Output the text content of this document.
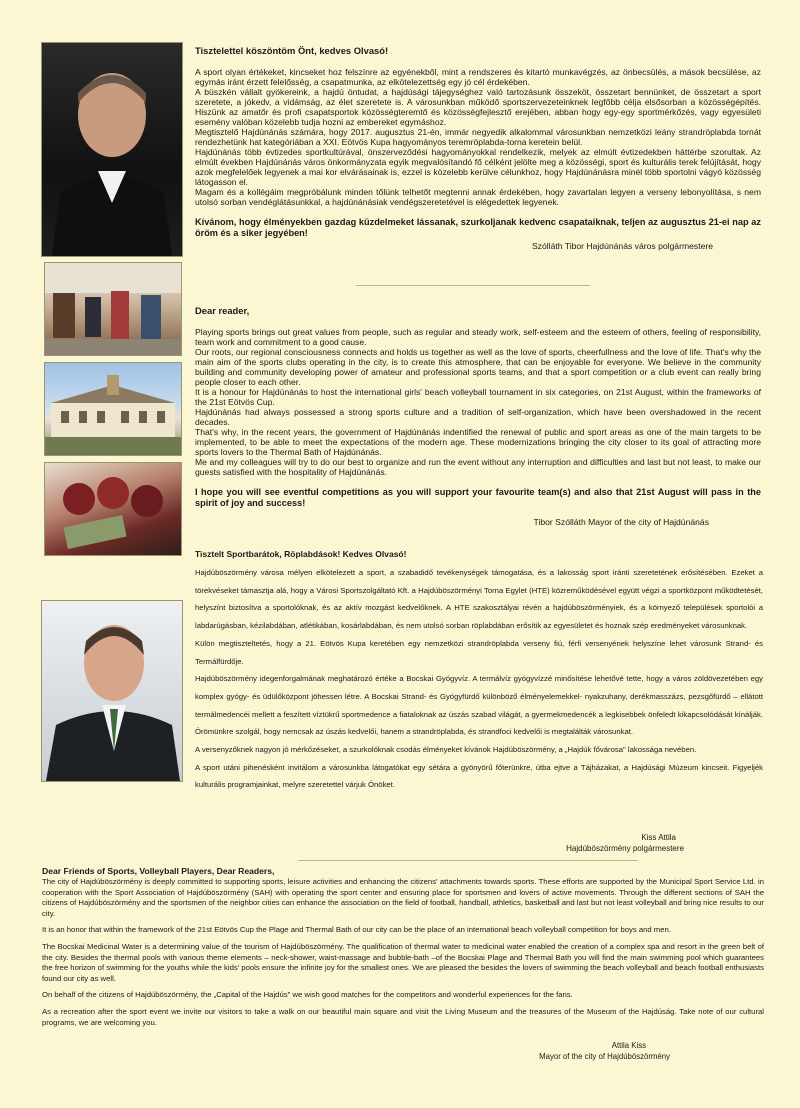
Tisztelettel köszöntöm Önt, kedves Olvasó!

A sport olyan értékeket, kincseket hoz felszínre az egyénekből, mint a rendszeres és kitartó munkavégzés, az önbecsülés, a mások becsülése, az egymás iránt érzett felelősség, a csapatmunka, az elkötelezettség egy jó cél érdekében.

A büszkén vállalt gyökereink, a hajdú öntudat, a hajdúsági tájegységhez való tartozásunk összeköt, összetart bennünket, de összetart a sport szeretete, a jókedv, a vidámság, az élet szeretete is. A városunkban működő sportszervezeteinknek legfőbb célja elsősorban a közösségépítés. Hiszünk az amatőr és profi csapatsportok közösségteremtő és közösségfejlesztő erejében, abban hogy egy-egy sportmérkőzés, vagy egyesületi esemény valóban közelebb tudja hozni az embereket egymáshoz.

Megtisztelő Hajdúnánás számára, hogy 2017. augusztus 21-én, immár negyedik alkalommal városunkban nemzetközi leány strandröplabda tornát rendezhetünk hat kategóriában a XXI. Eötvös Kupa hagyományos teremröplabda-torna keretein belül.

Hajdúnánás több évtizedes sportkultúrával, önszerveződési hagyományokkal rendelkezik, melyek az elmúlt évtizedekben háttérbe szorultak. Az elmúlt években Hajdúnánás város önkormányzata egyik megvalósítandó fő célként jelölte meg a közösségi, sport és kulturális terek felújítását, hogy azok megfelelőek legyenek a mai kor elvárásainak is, ezzel is közelebb kerülve célunkhoz, hogy Hajdúnánásra minél több sportolni vágyó közösség látogasson el.

Magam és a kollégáim megpróbálunk minden tőlünk telhetőt megtenni annak érdekében, hogy zavartalan legyen a verseny lebonyolítása, s nem utolsó sorban vendéglátásunkkal, a hajdúnánásiak vendégszeretetével is elégedettek legyenek.

Kívánom, hogy élményekben gazdag küzdelmeket lássanak, szurkoljanak kedvenc csapataiknak, teljen az augusztus 21-ei nap az öröm és a siker jegyében!

Szólláth Tibor Hajdúnánás város polgármestere

Dear reader,

Playing sports brings out great values from people, such as regular and steady work, self-esteem and the esteem of others, feeling of responsibility, team work and commitment to a good cause.

Our roots, our regional consciousness connects and holds us together as well as the love of sports, cheerfullness and the love of life. That's why the main aim of the sports clubs operating in the city, is to create this atmosphere, that can be enjoyable for everyone. We believe in the community building and community developing power of amateur and professional sports teams, and that a sport competition or a club event can really bring people closer to each other.

It is a honour for Hajdúnánás to host the international girls' beach volleyball tournament in six categories, on 21st August, within the frameworks of the 21st Eötvös Cup.

Hajdúnánás had always possessed a strong sports culture and a tradition of self-organization, which have been overshadowed in the recent decades.

That's why, in the recent years, the government of Hajdúnánás indentified the renewal of public and sport areas as one of the main targets to be implemented, to be able to meet the expectations of the modern age. These modernizations bringing the city closer to its goal of attracting more sports lovers to the Thermal Bath of Hajdúnánás.

Me and my colleagues will try to do our best to organize and run the event without any interruption and difficulties and last but not least, to make our guests satisfied with the hospitality of Hajdúnánás.

I hope you will see eventful competitions as you will support your favourite team(s) and also that 21st August will pass in the spirit of joy and success!

Tibor Szólláth Mayor of the city of Hajdúnánás

Tisztelt Sportbarátok, Röplabdások! Kedves Olvasó!

Hajdúböszörmény városa mélyen elkötelezett a sport, a szabadidő tevékenységek támogatása, és a lakosság sport iránti szeretetének erősítésében. Ezeket a törekvéseket támasztja alá, hogy a Városi Sportszolgáltató Kft. a Hajdúböszörményi Torna Egylet (HTE) közreműködésével együtt végzi a sportközpont működtetését, helyszínt biztosítva a sportolóknak, és az aktív mozgást kedvelőknek. A HTE szakosztályai révén a hajdúböszörményiek, és a környező települések sportolói a labdarúgásban, kézilabdában, atlétikában, kosárlabdában, és nem utolsó sorban röplabdában erősítik az egyesületet és hoznak szép eredményeket városunknak.

Külön megtiszteltetés, hogy a 21. Eötvös Kupa keretében egy nemzetközi strandröplabda verseny fiú, férfi versenyének helyszíne lehet városunk Strand- és Termálfürdője.

Hajdúböszörmény idegenforgalmának meghatározó értéke a Bocskai Gyógyvíz. A termálvíz gyógyvízzé minősítése lehetővé tette, hogy a város zöldövezetében egy komplex gyógy- és üdülőközpont jöhessen létre. A Bocskai Strand- és Gyógyfürdő különböző élményelemekkel- nyakzuhany, derékmasszázs, pezsgőfürdő – ellátott termálmedencéi mellett a feszített víztükrű sportmedence a fiataloknak az úszás szabad világát, a gyermekmedencék a legkisebbek önfeledt kikapcsolódását kínálják. Örömünkre szolgál, hogy nemcsak az úszás kedvelői, hanem a strandröplabda, és strandfoci kedvelői is megtalálták városunkat.

A versenyzőknek nagyon jó mérkőzéseket, a szurkolóknak csodás élményeket kívánok Hajdúböszörmény, a „Hajdúk fővárosa" lakossága nevében.

A sport utáni pihenésként invitálom a városunkba látogatókat egy sétára a gyönyörű főterünkre, útba ejtve a Tájházakat, a Hajdúsági Múzeum kincseit. Figyeljék kulturális programjainkat, melyre szeretettel várjuk Önöket.

Kiss Attila
Hajdúböszörmény polgármestere

Dear Friends of Sports, Volleyball Players, Dear Readers,

The city of Hajdúböszörmény is deeply committed to supporting sports, leisure activities and enhancing the citizens' attachments towards sports. These efforts are supported by the Municipal Sport Service Ltd. in cooperation with the Sport Association of Hajdúböszörmény (SAH) with operating the sport center and ensuring place for sportsmen and lovers of active movements. Through the different sections of SAH the citizens of Hajdúböszörmény and the sportsmen of the neighbor cities can enhance the association on the field of football, handball, athletics, basketball and last but not least volleyball and bring nice results to our city.

It is an honor that within the framework of the 21st Eötvös Cup the Plage and Thermal Bath of our city can be the place of an international beach volleyball competition for boys and men.

The Bocskai Medicinal Water is a determining value of the tourism of Hajdúböszörmény. The qualification of thermal water to medicinal water enabled the creation of a complex spa and resort in the green belt of the city. Besides the thermal pools with various theme elements – neck-shower, waist-massage and bubble-bath –of the Bocskai Plage and Thermal Bath you will find the main swimming pool which guarantees the free horizon of swimming for the youths while the kids' pools ensure the infinite joy for the smallest ones. We are pleased the besides the lovers of swimming the beach volleyball and beach football enthusiasts found our city as well.

On behalf of the citizens of Hajdúböszörmény, the „Capital of the Hajdús" we wish good matches for the competitors and wonderful experiences for the fans.

As a recreation after the sport event we invite our visitors to take a walk on our beautiful main square and visit the Living Museum and the treasures of the Museum of the Hajdúság. Take note of our cultural programs, we are welcoming you.

Attila Kiss
Mayor of the city of Hajdúböszörmény
